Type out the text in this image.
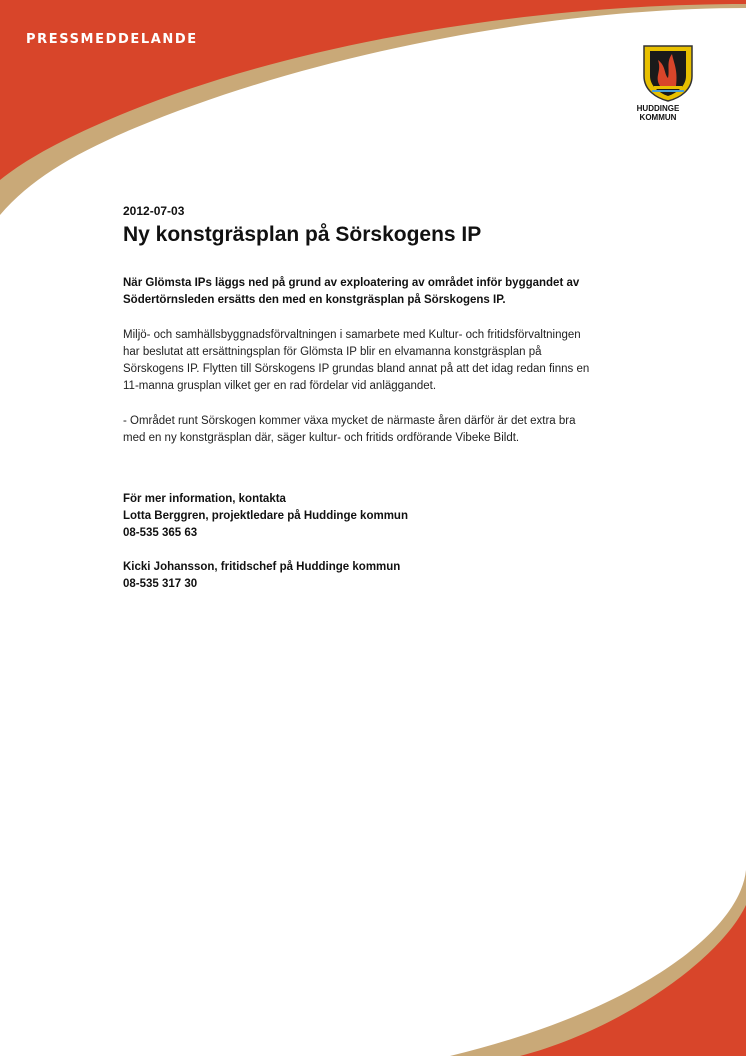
PRESSMEDDELANDE
HUDDINGE
KOMMUN

2012-07-03

Ny konstgräsplan på Sörskogens IP

När Glömsta IPs läggs ned på grund av exploatering av området inför byggandet av Södertörnsleden ersätts den med en konstgräsplan på Sörskogens IP.

Miljö- och samhällsbyggnadsförvaltningen i samarbete med Kultur- och fritidsförvaltningen har beslutat att ersättningsplan för Glömsta IP blir en elvamanna konstgräsplan på Sörskogens IP. Flytten till Sörskogens IP grundas bland annat på att det idag redan finns en 11-manna grusplan vilket ger en rad fördelar vid anläggandet.

- Området runt Sörskogen kommer växa mycket de närmaste åren därför är det extra bra med en ny konstgräsplan där, säger kultur- och fritids ordförande Vibeke Bildt.

För mer information, kontakta

Lotta Berggren, projektledare på Huddinge kommun

08-535 365 63

Kicki Johansson, fritidschef på Huddinge kommun

08-535 317 30
